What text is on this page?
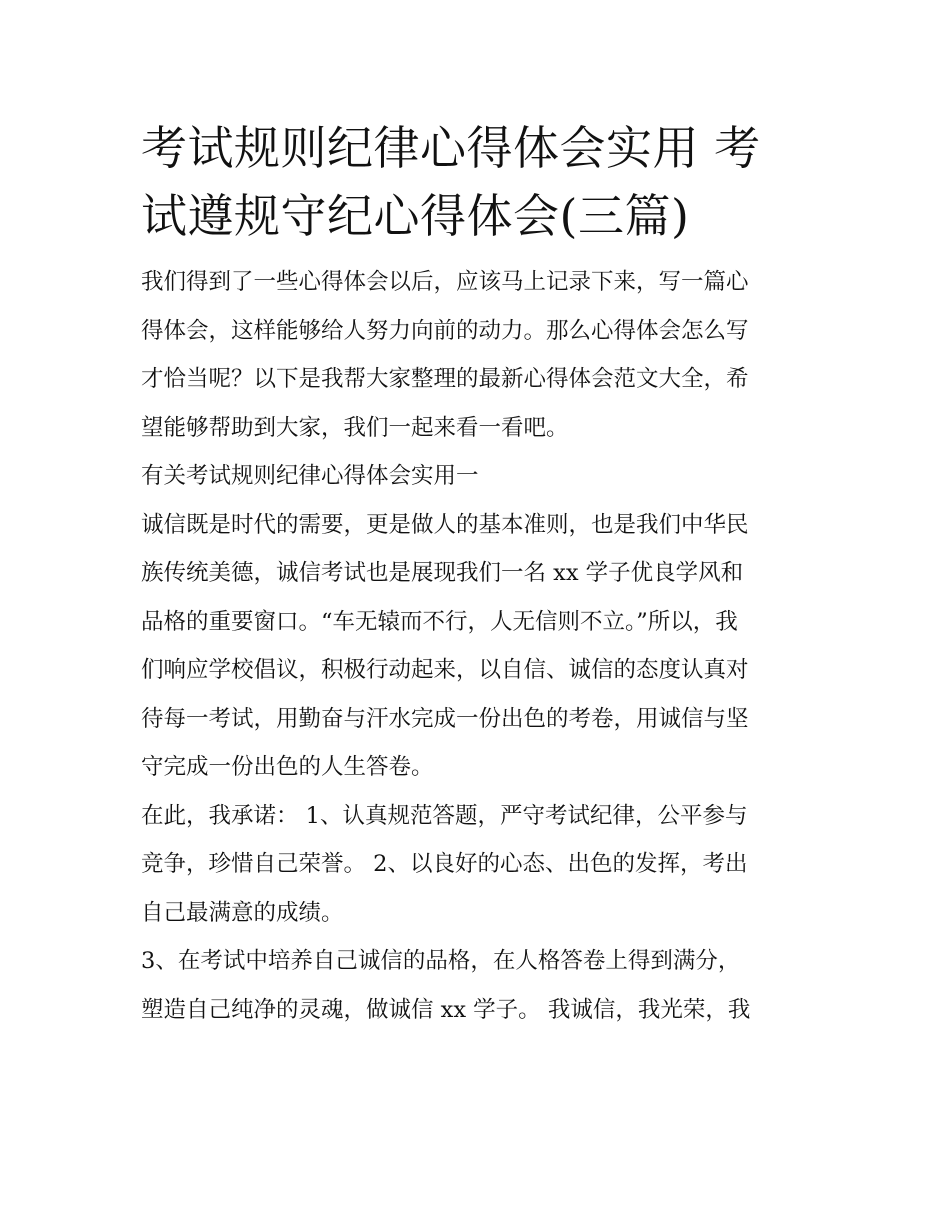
考试规则纪律心得体会实用 考
试遵规守纪心得体会(三篇)
我们得到了一些心得体会以后，应该马上记录下来，写一篇心
得体会，这样能够给人努力向前的动力。那么心得体会怎么写
才恰当呢？以下是我帮大家整理的最新心得体会范文大全，希
望能够帮助到大家，我们一起来看一看吧。
有关考试规则纪律心得体会实用一
诚信既是时代的需要，更是做人的基本准则，也是我们中华民
族传统美德，诚信考试也是展现我们一名 xx 学子优良学风和
品格的重要窗口。“车无辕而不行，人无信则不立。”所以，我
们响应学校倡议，积极行动起来，以自信、诚信的态度认真对
待每一考试，用勤奋与汗水完成一份出色的考卷，用诚信与坚
守完成一份出色的人生答卷。
在此，我承诺： 1、认真规范答题，严守考试纪律，公平参与
竞争，珍惜自己荣誉。 2、以良好的心态、出色的发挥，考出
自己最满意的成绩。
3、在考试中培养自己诚信的品格，在人格答卷上得到满分，
塑造自己纯净的灵魂，做诚信 xx 学子。 我诚信，我光荣，我
